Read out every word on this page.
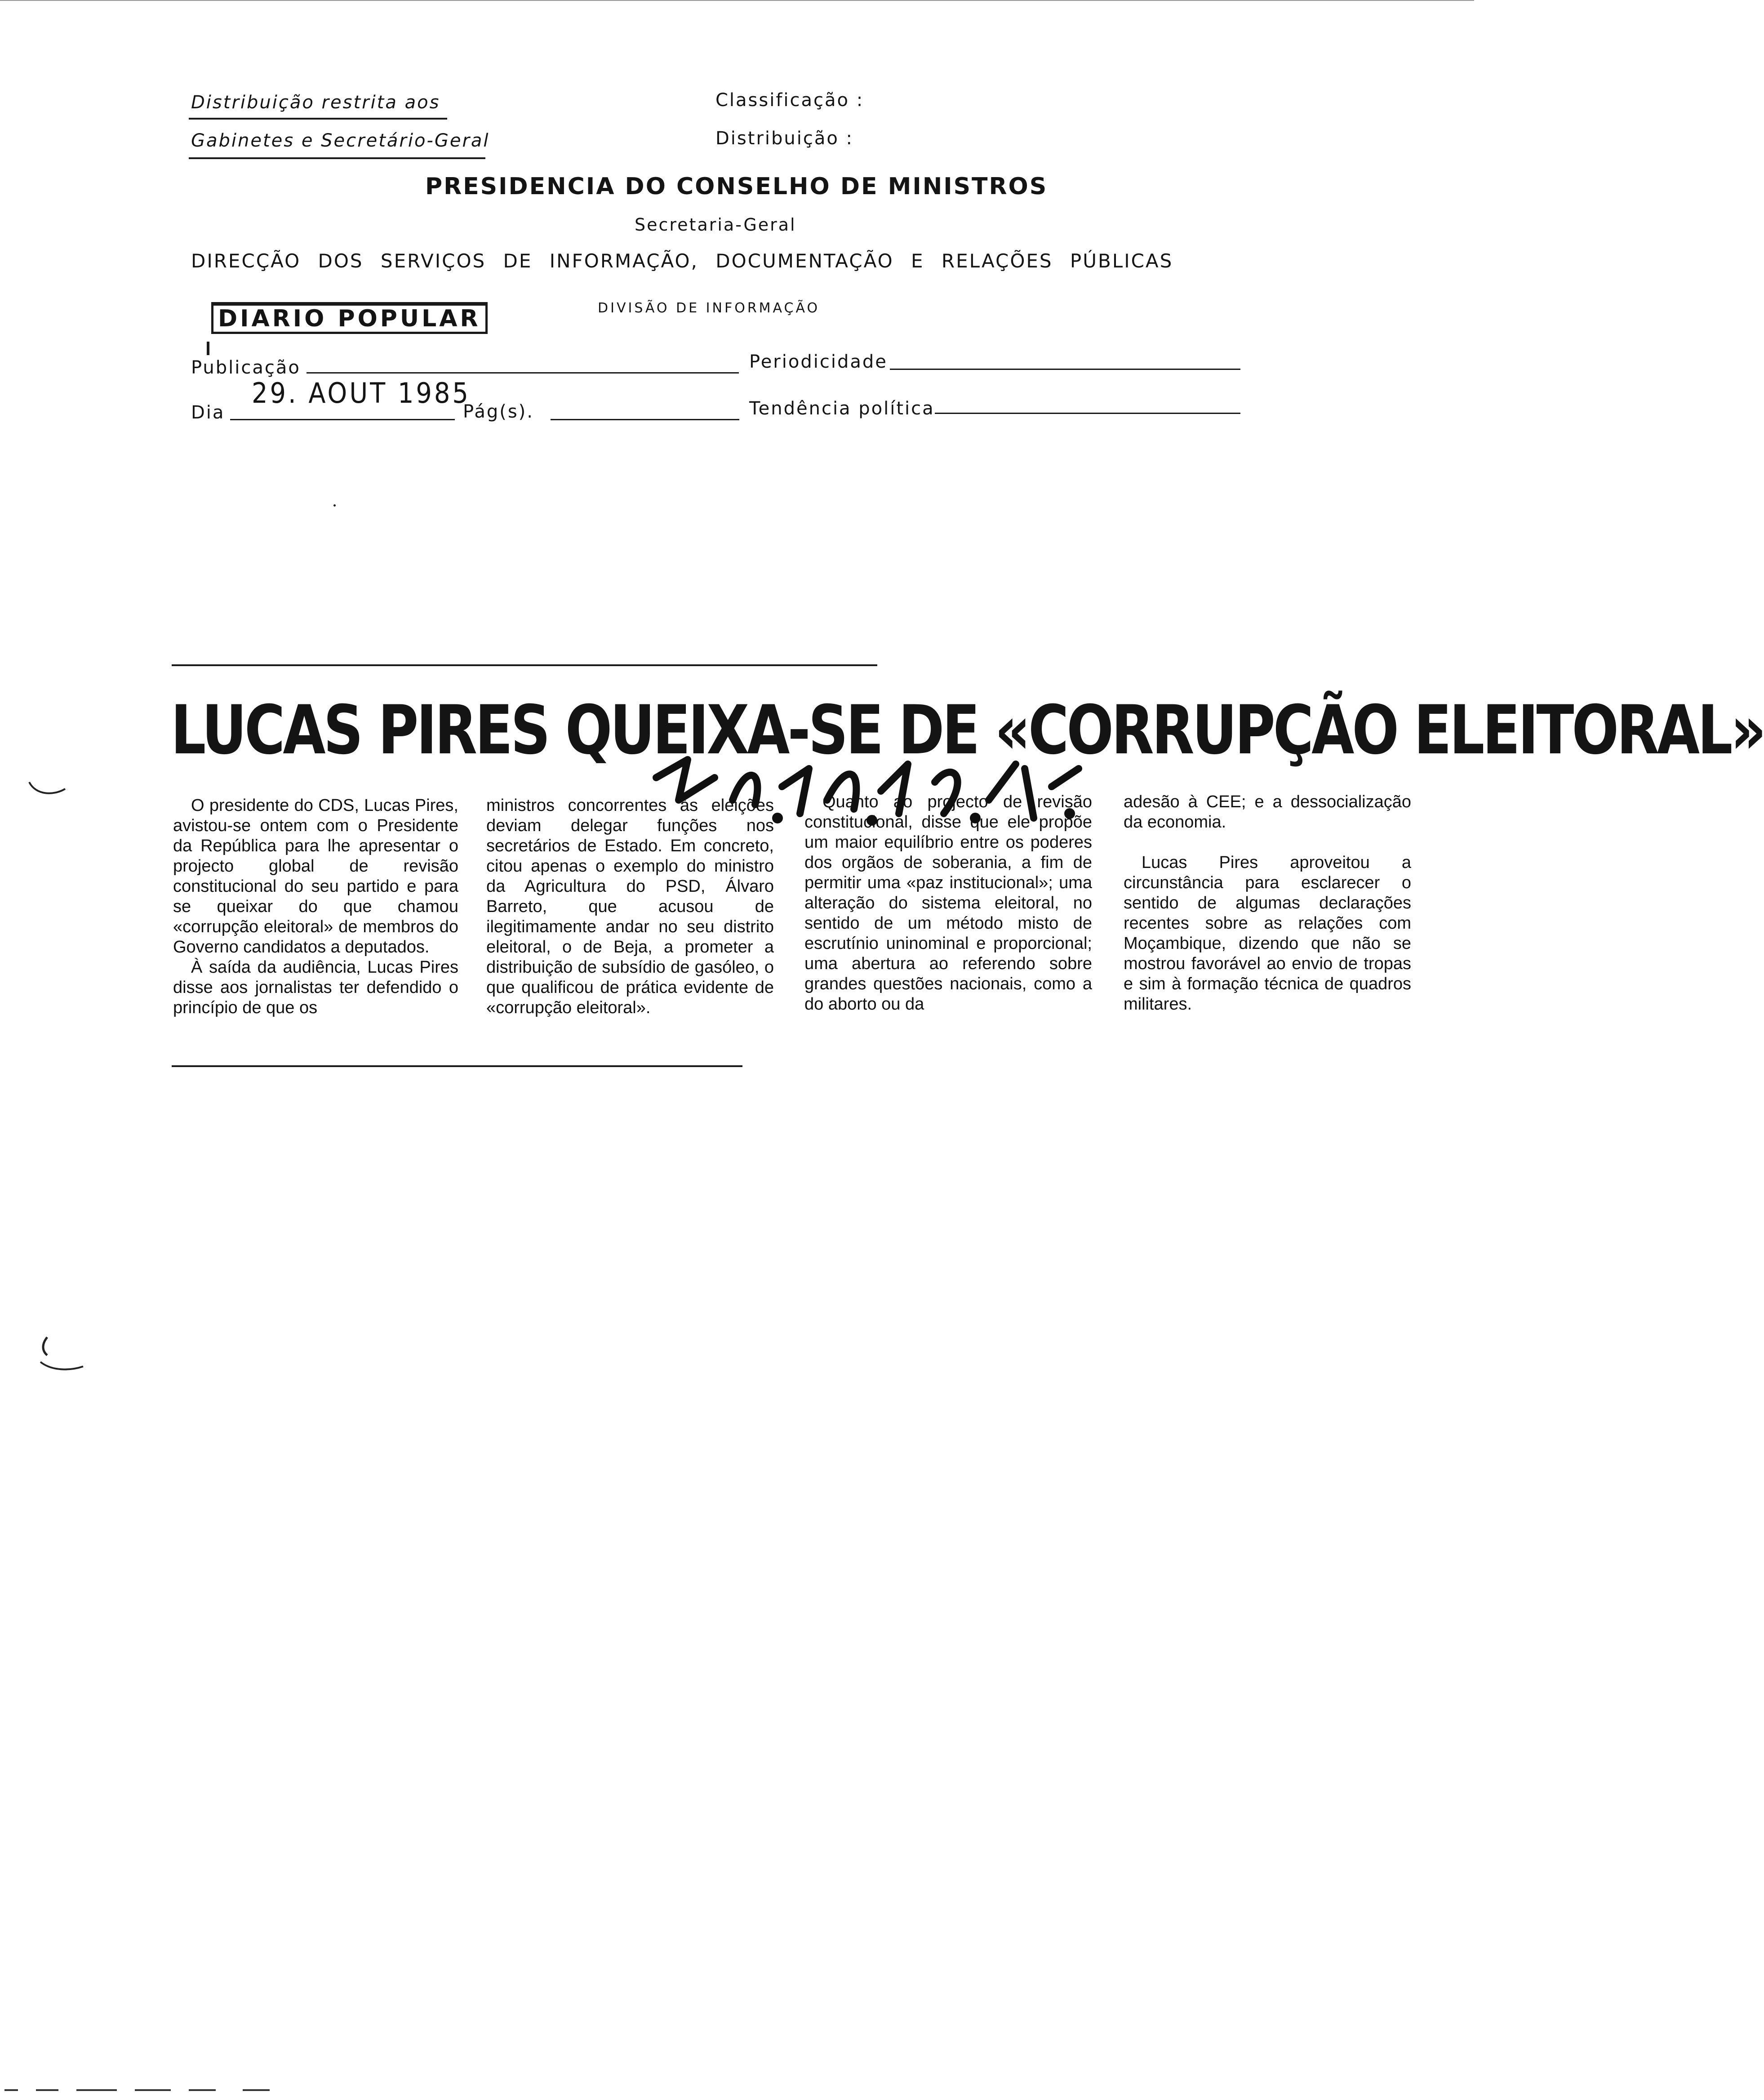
Distribuição restrita aos
Gabinetes e Secretário-Geral
Classificação :
Distribuição :
PRESIDENCIA DO CONSELHO DE MINISTROS
Secretaria-Geral
DIRECÇÃO DOS SERVIÇOS DE INFORMAÇÃO, DOCUMENTAÇÃO E RELAÇÕES PÚBLICAS
DIVISÃO DE INFORMAÇÃO
DIARIO POPULAR
Publicação	Periodicidade
Dia
29. AOUT 1985
Pág(s).	Tendência política
LUCAS PIRES QUEIXA-SE DE «CORRUPÇÃO ELEITORAL»

O presidente do CDS, Lucas Pires, avistou-se ontem com o Presidente da República para lhe apresentar o projecto global de revisão constitucional do seu partido e para se queixar do que chamou «corrupção eleitoral» de membros do Governo candidatos a deputados.

À saída da audiência, Lucas Pires disse aos jornalistas ter defendido o princípio de que os

ministros concorrentes às eleições deviam delegar funções nos secretários de Estado. Em concreto, citou apenas o exemplo do ministro da Agricultura do PSD, Álvaro Barreto, que acusou de ilegitimamente andar no seu distrito eleitoral, o de Beja, a prometer a distribuição de subsídio de gasóleo, o que qualificou de prática evidente de «corrupção eleitoral».

Quanto ao projecto de revisão constitucional, disse que ele propõe um maior equilíbrio entre os poderes dos orgãos de soberania, a fim de permitir uma «paz institucional»; uma alteração do sistema eleitoral, no sentido de um método misto de escrutínio uninominal e proporcional; uma abertura ao referendo sobre grandes questões nacionais, como a do aborto ou da

adesão à CEE; e a dessocialização da economia.

Lucas Pires aproveitou a circunstância para esclarecer o sentido de algumas declarações recentes sobre as relações com Moçambique, dizendo que não se mostrou favorável ao envio de tropas e sim à formação técnica de quadros militares.
